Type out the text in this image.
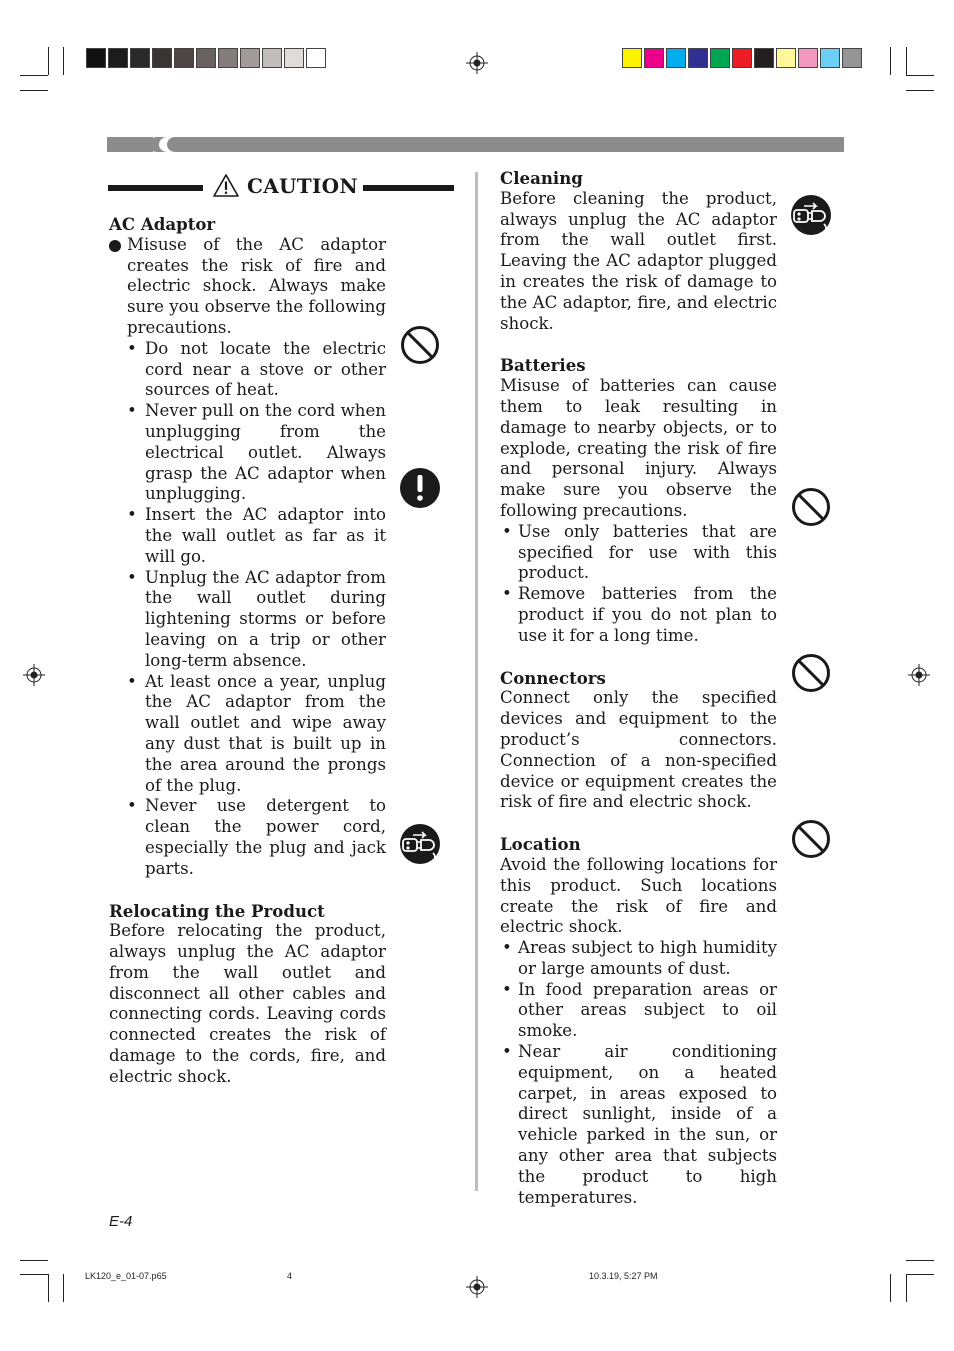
CAUTION

AC Adaptor

Misuse of the AC adaptor creates the risk of fire and electric shock. Always make sure you observe the following precautions.
• Do not locate the electric cord near a stove or other sources of heat.
• Never pull on the cord when unplugging from the electrical outlet. Always grasp the AC adaptor when unplugging.
• Insert the AC adaptor into the wall outlet as far as it will go.
• Unplug the AC adaptor from the wall outlet during lightening storms or before leaving on a trip or other long-term absence.
• At least once a year, unplug the AC adaptor from the wall outlet and wipe away any dust that is built up in the area around the prongs of the plug.
• Never use detergent to clean the power cord, especially the plug and jack parts.

Relocating the Product

Before relocating the product, always unplug the AC adaptor from the wall outlet and disconnect all other cables and connecting cords. Leaving cords connected creates the risk of damage to the cords, fire, and electric shock.

Cleaning

Before cleaning the product, always unplug the AC adaptor from the wall outlet first. Leaving the AC adaptor plugged in creates the risk of damage to the AC adaptor, fire, and electric shock.

Batteries

Misuse of batteries can cause them to leak resulting in damage to nearby objects, or to explode, creating the risk of fire and personal injury. Always make sure you observe the following precautions.

• Use only batteries that are specified for use with this product.
• Remove batteries from the product if you do not plan to use it for a long time.

Connectors

Connect only the specified devices and equipment to the product’s connectors. Connection of a non-specified device or equipment creates the risk of fire and electric shock.

Location

Avoid the following locations for this product. Such locations create the risk of fire and electric shock.

• Areas subject to high humidity or large amounts of dust.
• In food preparation areas or other areas subject to oil smoke.
• Near air conditioning equipment, on a heated carpet, in areas exposed to direct sunlight, inside of a vehicle parked in the sun, or any other area that subjects the product to high temperatures.
E-4
LK120_e_01-07.p65	4	10.3.19, 5:27 PM
